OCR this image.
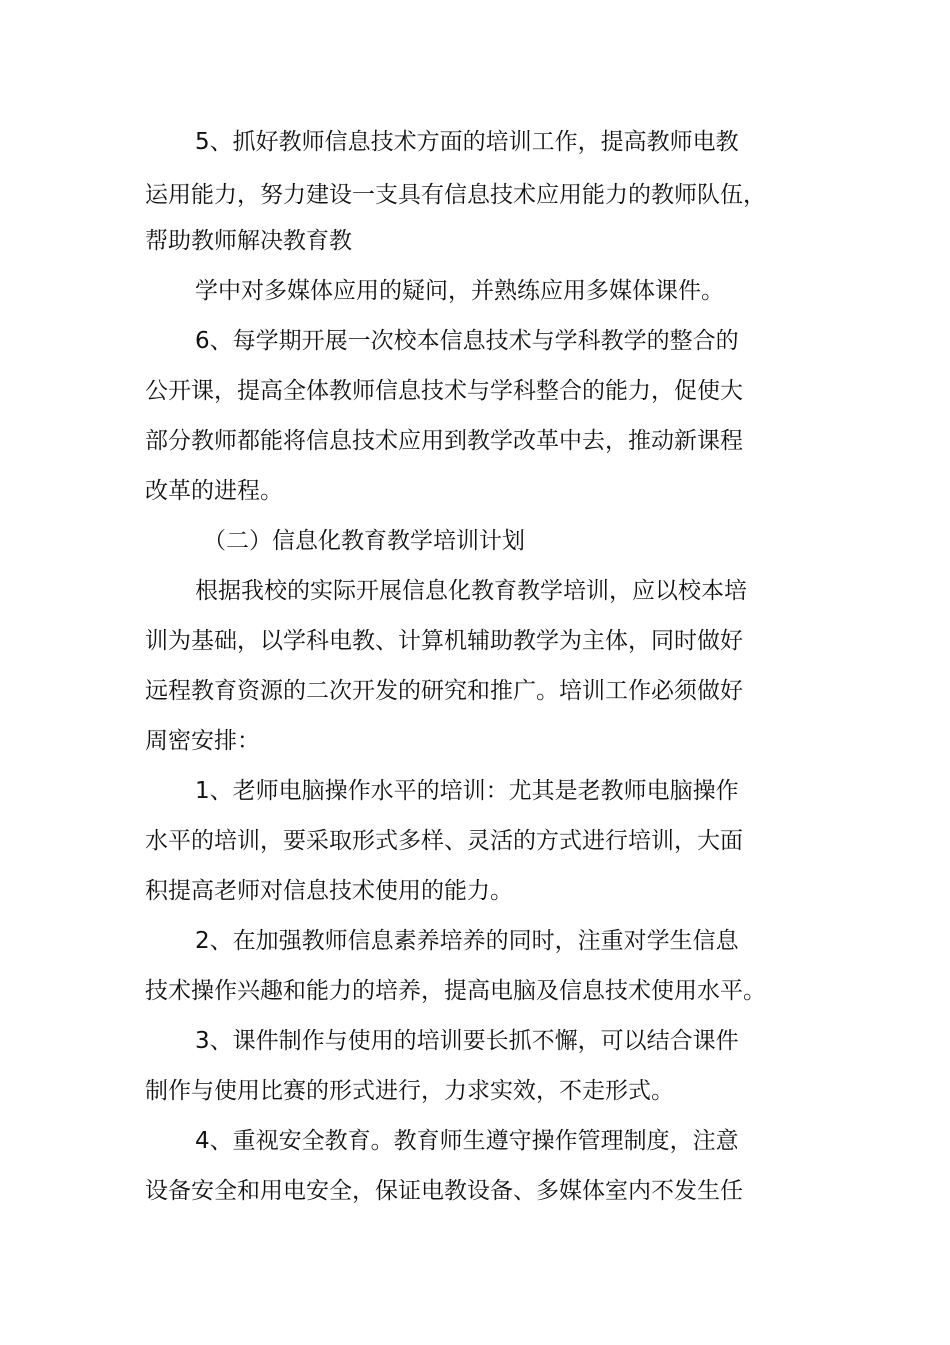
5、抓好教师信息技术方面的培训工作，提高教师电教
运用能力，努力建设一支具有信息技术应用能力的教师队伍，
帮助教师解决教育教
学中对多媒体应用的疑问，并熟练应用多媒体课件。
6、每学期开展一次校本信息技术与学科教学的整合的
公开课，提高全体教师信息技术与学科整合的能力，促使大
部分教师都能将信息技术应用到教学改革中去，推动新课程
改革的进程。
（二）信息化教育教学培训计划
根据我校的实际开展信息化教育教学培训，应以校本培
训为基础，以学科电教、计算机辅助教学为主体，同时做好
远程教育资源的二次开发的研究和推广。培训工作必须做好
周密安排：
1、老师电脑操作水平的培训：尤其是老教师电脑操作
水平的培训，要采取形式多样、灵活的方式进行培训，大面
积提高老师对信息技术使用的能力。
2、在加强教师信息素养培养的同时，注重对学生信息
技术操作兴趣和能力的培养，提高电脑及信息技术使用水平。
3、课件制作与使用的培训要长抓不懈，可以结合课件
制作与使用比赛的形式进行，力求实效，不走形式。
4、重视安全教育。教育师生遵守操作管理制度，注意
设备安全和用电安全，保证电教设备、多媒体室内不发生任
